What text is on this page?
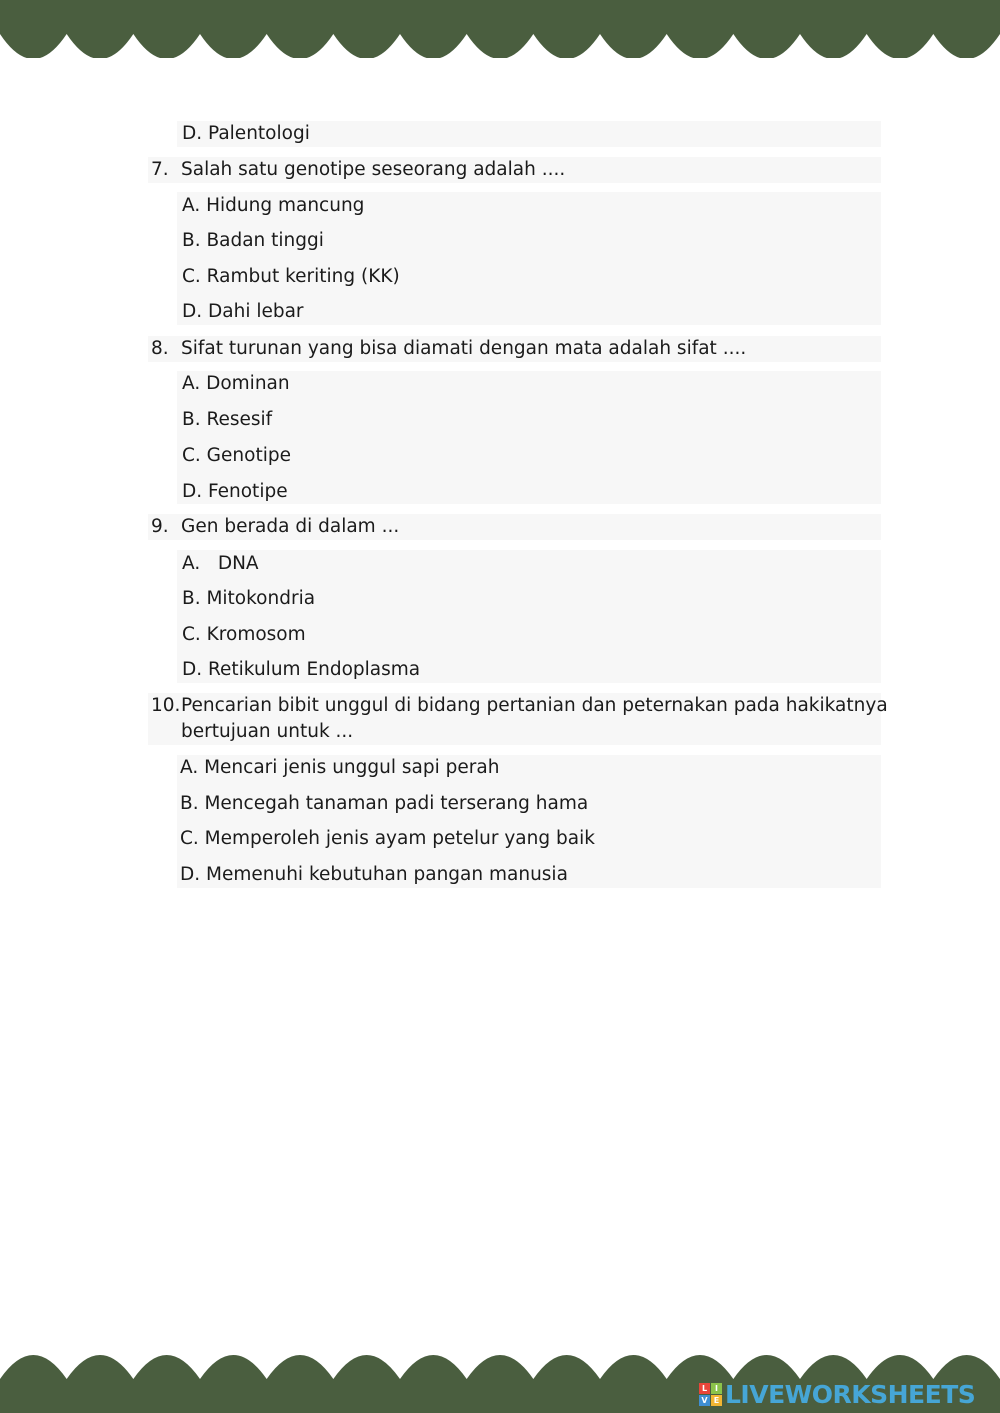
D. Palentologi
7. Salah satu genotipe seseorang adalah ....
A. Hidung mancung
B. Badan tinggi
C. Rambut keriting (KK)
D. Dahi lebar
8. Sifat turunan yang bisa diamati dengan mata adalah sifat ....
A. Dominan
B. Resesif
C. Genotipe
D. Fenotipe
9. Gen berada di dalam ...
A.   DNA
B. Mitokondria
C. Kromosom
D. Retikulum Endoplasma
10. Pencarian bibit unggul di bidang pertanian dan peternakan pada hakikatnya
bertujuan untuk ...
A. Mencari jenis unggul sapi perah
B. Mencegah tanaman padi terserang hama
C. Memperoleh jenis ayam petelur yang baik
D. Memenuhi kebutuhan pangan manusia
L I
V E LIVEWORKSHEETS
